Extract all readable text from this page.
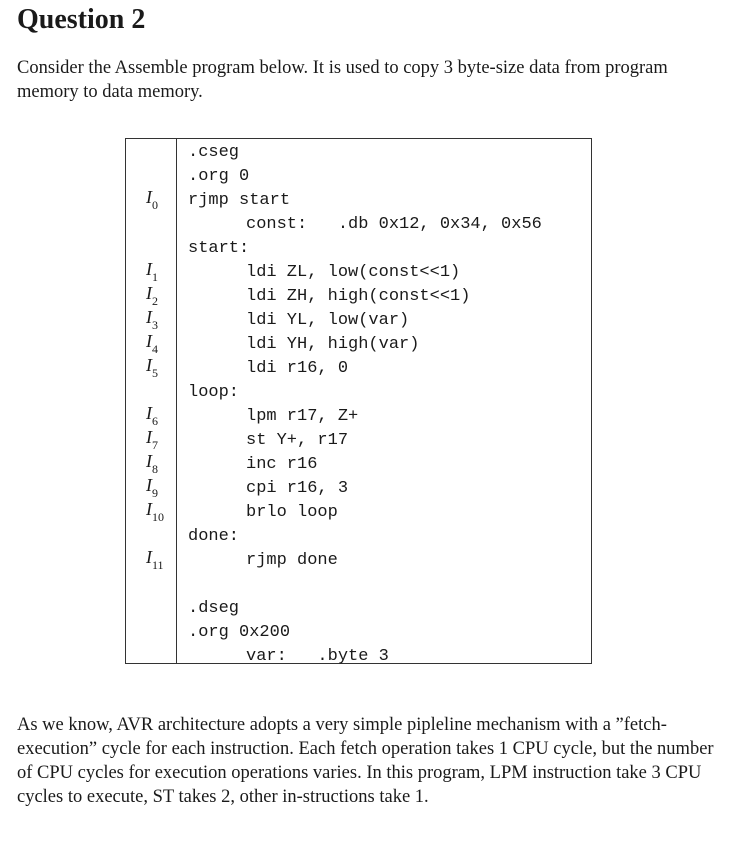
Question 2

Consider the Assemble program below. It is used to copy 3 byte-size data from program memory to data memory.

$I_0$
$I_1$
$I_2$
$I_3$
$I_4$
$I_5$
$I_6$
$I_7$
$I_8$
$I_9$
$I_{10}$
$I_{11}$
.cseg
.org 0
rjmp start
const:   .db 0x12, 0x34, 0x56
start:
ldi ZL, low(const<<1)
ldi ZH, high(const<<1)
ldi YL, low(var)
ldi YH, high(var)
ldi r16, 0
loop:
lpm r17, Z+
st Y+, r17
inc r16
cpi r16, 3
brlo loop
done:
rjmp done
.dseg
.org 0x200
var:   .byte 3

As we know, AVR architecture adopts a very simple pipleline mechanism with a ”fetch-execution” cycle for each instruction. Each fetch operation takes 1 CPU cycle, but the number of CPU cycles for execution operations varies. In this program, LPM instruction take 3 CPU cycles to execute, ST takes 2, other in-structions take 1.
